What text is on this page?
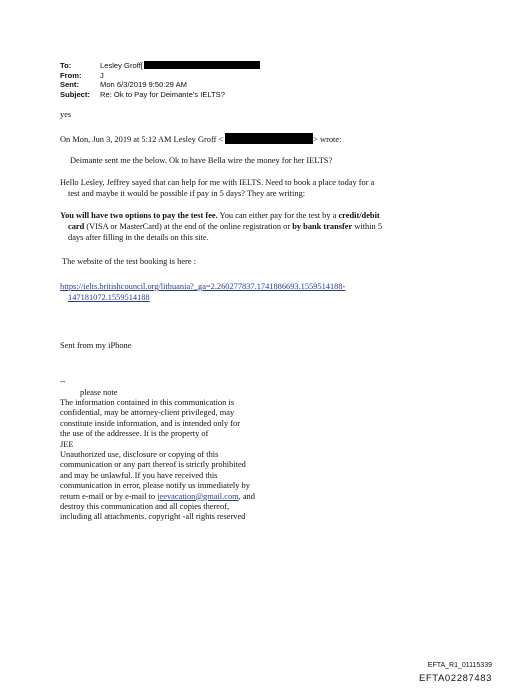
To:	Lesley Groff[
From:	J
Sent:	Mon 6/3/2019 9:50:29 AM
Subject:	Re: Ok to Pay for Deimante's IELTS?
yes
On Mon, Jun 3, 2019 at 5:12 AM Lesley Groff <	> wrote:
Deimante sent me the below. Ok to have Bella wire the money for her IELTS?
Hello Lesley, Jeffrey sayed that can help for me with IELTS. Need to book a place today for a
test and maybe it would be possible if pay in 5 days? They are writing:
You will have two options to pay the test fee. You can either pay for the test by a credit/debit
card (VISA or MasterCard) at the end of the online registration or by bank transfer within 5
days after filling in the details on this site.
The website of the test booking is here :
https://ielts.britishcouncil.org/lithuania?_ga=2.260277837.1741886693.1559514188-
147181072.1559514188
Sent from my iPhone
--
please note
The information contained in this communication is
confidential, may be attorney-client privileged, may
constitute inside information, and is intended only for
the use of the addressee. It is the property of
JEE
Unauthorized use, disclosure or copying of this
communication or any part thereof is strictly prohibited
and may be unlawful. If you have received this
communication in error, please notify us immediately by
return e-mail or by e-mail to jeevacation@gmail.com, and
destroy this communication and all copies thereof,
including all attachments. copyright -all rights reserved
EFTA_R1_01115339
EFTA02287483
